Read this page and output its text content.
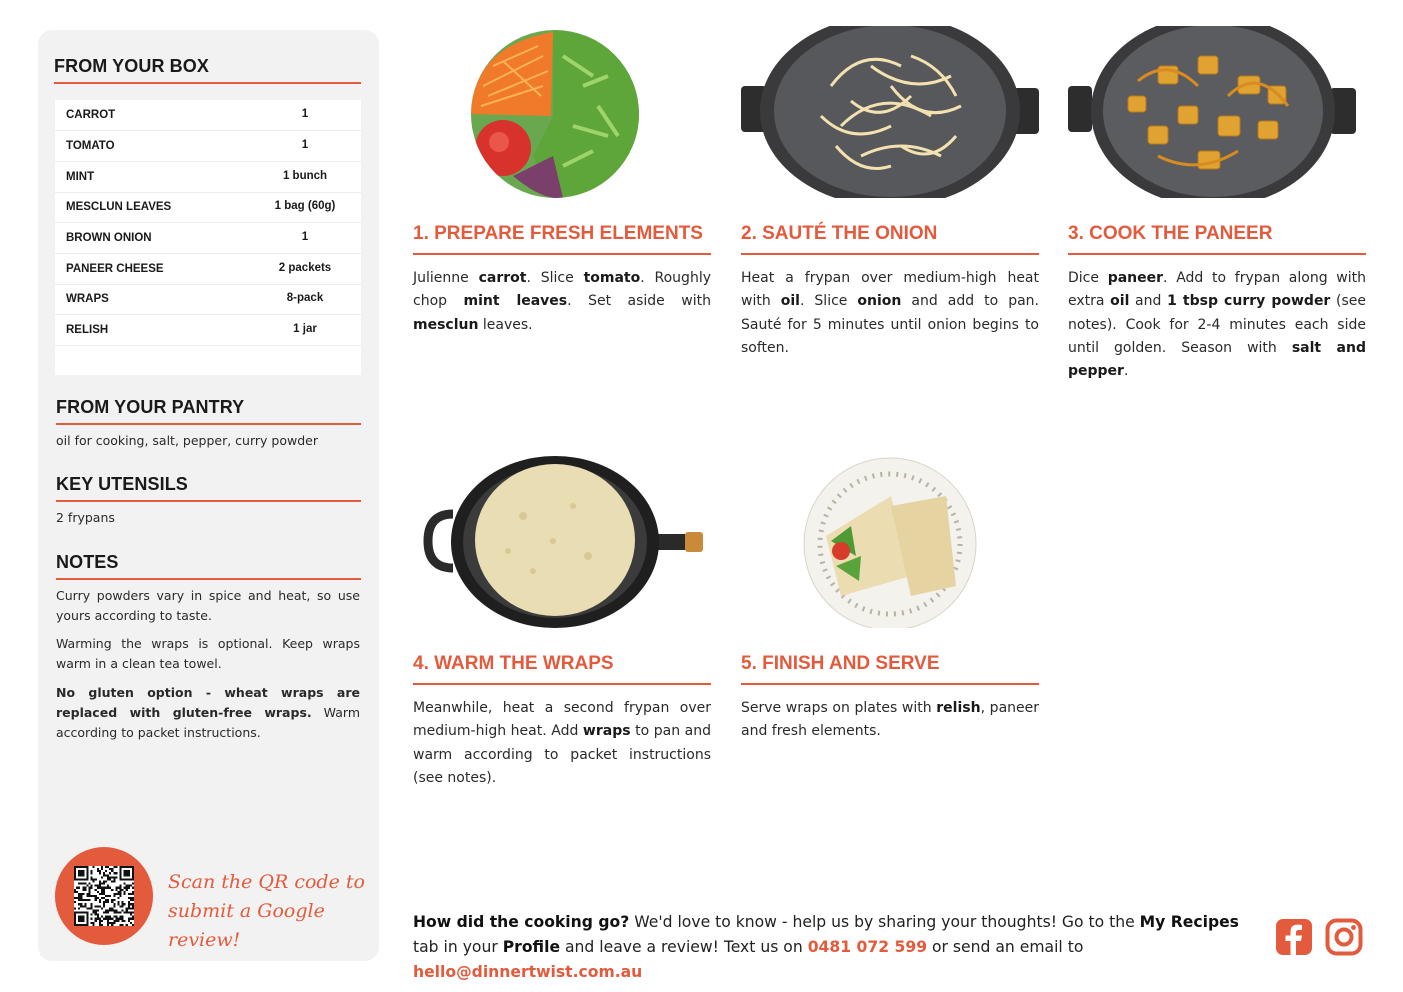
FROM YOUR BOX
CARROT	1
TOMATO	1
MINT	1 bunch
MESCLUN LEAVES	1 bag (60g)
BROWN ONION	1
PANEER CHEESE	2 packets
WRAPS	8-pack
RELISH	1 jar
FROM YOUR PANTRY
oil for cooking, salt, pepper, curry powder
KEY UTENSILS
2 frypans
NOTES
Curry powders vary in spice and heat, so use yours according to taste.
Warming the wraps is optional. Keep wraps warm in a clean tea towel.
No gluten option - wheat wraps are replaced with gluten-free wraps. Warm according to packet instructions.
Scan the QR code to
submit a Google review!
1. PREPARE FRESH ELEMENTS
Julienne carrot. Slice tomato. Roughly chop mint leaves. Set aside with mesclun leaves.
2. SAUTÉ THE ONION
Heat a frypan over medium-high heat with oil. Slice onion and add to pan. Sauté for 5 minutes until onion begins to soften.
3. COOK THE PANEER
Dice paneer. Add to frypan along with extra oil and 1 tbsp curry powder (see notes). Cook for 2-4 minutes each side until golden. Season with salt and pepper.
4. WARM THE WRAPS
Meanwhile, heat a second frypan over medium-high heat. Add wraps to pan and warm according to packet instructions (see notes).
5. FINISH AND SERVE
Serve wraps on plates with relish, paneer and fresh elements.
How did the cooking go? We'd love to know - help us by sharing your thoughts! Go to the My Recipes tab in your Profile and leave a review! Text us on 0481 072 599 or send an email to hello@dinnertwist.com.au
